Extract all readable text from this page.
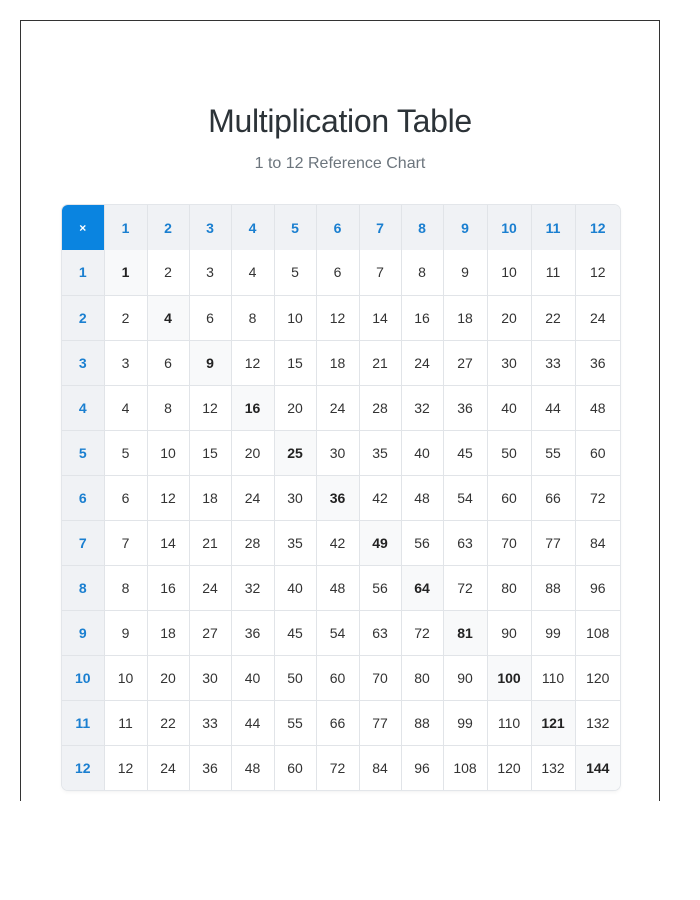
Multiplication Table

1 to 12 Reference Chart

×	1	2	3	4	5	6	7	8	9	10	11	12
1	1	2	3	4	5	6	7	8	9	10	11	12
2	2	4	6	8	10	12	14	16	18	20	22	24
3	3	6	9	12	15	18	21	24	27	30	33	36
4	4	8	12	16	20	24	28	32	36	40	44	48
5	5	10	15	20	25	30	35	40	45	50	55	60
6	6	12	18	24	30	36	42	48	54	60	66	72
7	7	14	21	28	35	42	49	56	63	70	77	84
8	8	16	24	32	40	48	56	64	72	80	88	96
9	9	18	27	36	45	54	63	72	81	90	99	108
10	10	20	30	40	50	60	70	80	90	100	110	120
11	11	22	33	44	55	66	77	88	99	110	121	132
12	12	24	36	48	60	72	84	96	108	120	132	144
